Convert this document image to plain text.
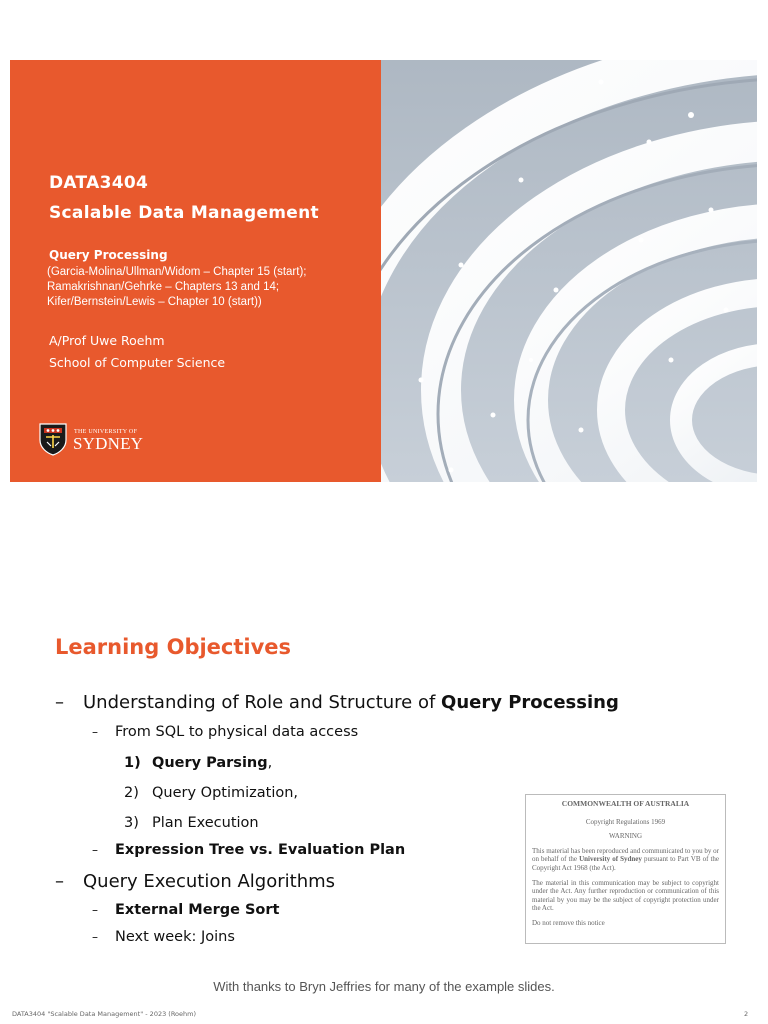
DATA3404
Scalable Data Management
Query Processing
(Garcia-Molina/Ullman/Widom – Chapter 15 (start);
Ramakrishnan/Gehrke – Chapters 13 and 14;
Kifer/Bernstein/Lewis – Chapter 10 (start))
A/Prof Uwe Roehm
School of Computer Science
THE UNIVERSITY OF
SYDNEY
Learning Objectives
– Understanding of Role and Structure of Query Processing
– From SQL to physical data access
1) Query Parsing,
2) Query Optimization,
3) Plan Execution
– Expression Tree vs. Evaluation Plan
– Query Execution Algorithms
– External Merge Sort
– Next week: Joins
COMMONWEALTH OF AUSTRALIA
Copyright Regulations 1969
WARNING
This material has been reproduced and communicated to you by or on behalf of the University of Sydney pursuant to Part VB of the Copyright Act 1968 (the Act).
The material in this communication may be subject to copyright under the Act. Any further reproduction or communication of this material by you may be the subject of copyright protection under the Act.
Do not remove this notice
With thanks to Bryn Jeffries for many of the example slides.
DATA3404 "Scalable Data Management" - 2023 (Roehm)	2
